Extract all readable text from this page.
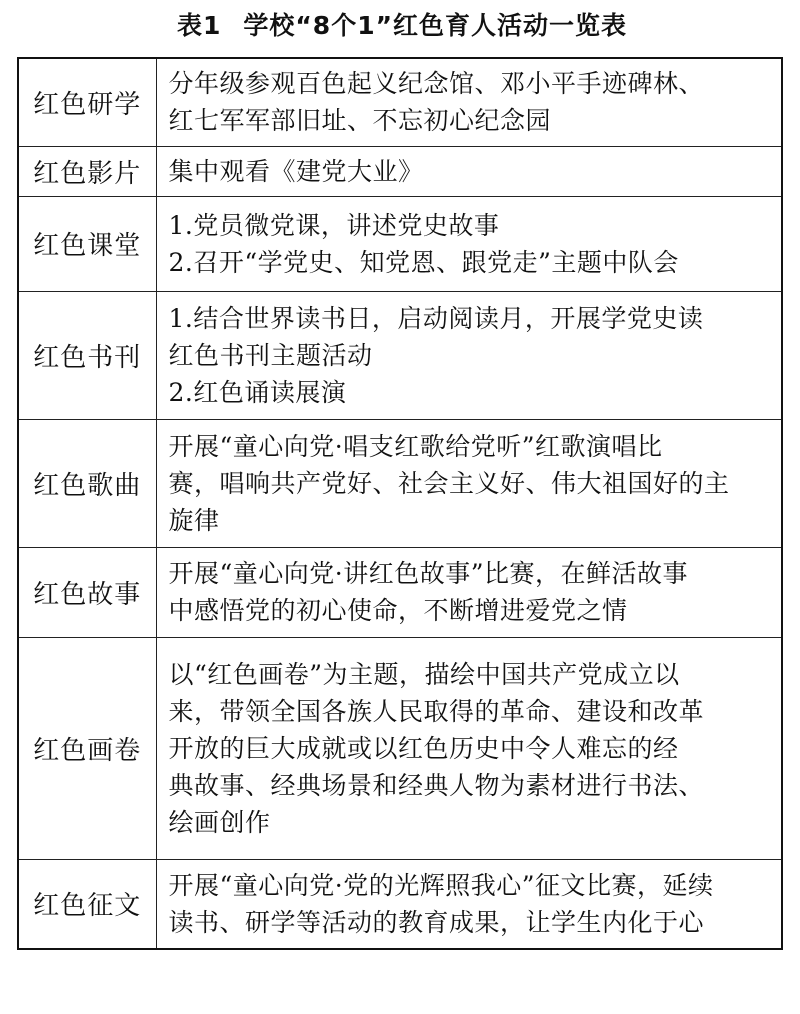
表1 学校“8个1”红色育人活动一览表
红色研学	分年级参观百色起义纪念馆、邓小平手迹碑林、
红七军军部旧址、不忘初心纪念园

红色影片	集中观看《建党大业》

红色课堂	1.党员微党课，讲述党史故事
2.召开“学党史、知党恩、跟党走”主题中队会

红色书刊	1.结合世界读书日，启动阅读月，开展学党史读
红色书刊主题活动
2.红色诵读展演

红色歌曲	开展“童心向党·唱支红歌给党听”红歌演唱比
赛，唱响共产党好、社会主义好、伟大祖国好的主
旋律

红色故事	开展“童心向党·讲红色故事”比赛，在鲜活故事
中感悟党的初心使命，不断增进爱党之情

红色画卷	以“红色画卷”为主题，描绘中国共产党成立以
来，带领全国各族人民取得的革命、建设和改革
开放的巨大成就或以红色历史中令人难忘的经
典故事、经典场景和经典人物为素材进行书法、
绘画创作

红色征文	开展“童心向党·党的光辉照我心”征文比赛，延续
读书、研学等活动的教育成果，让学生内化于心
